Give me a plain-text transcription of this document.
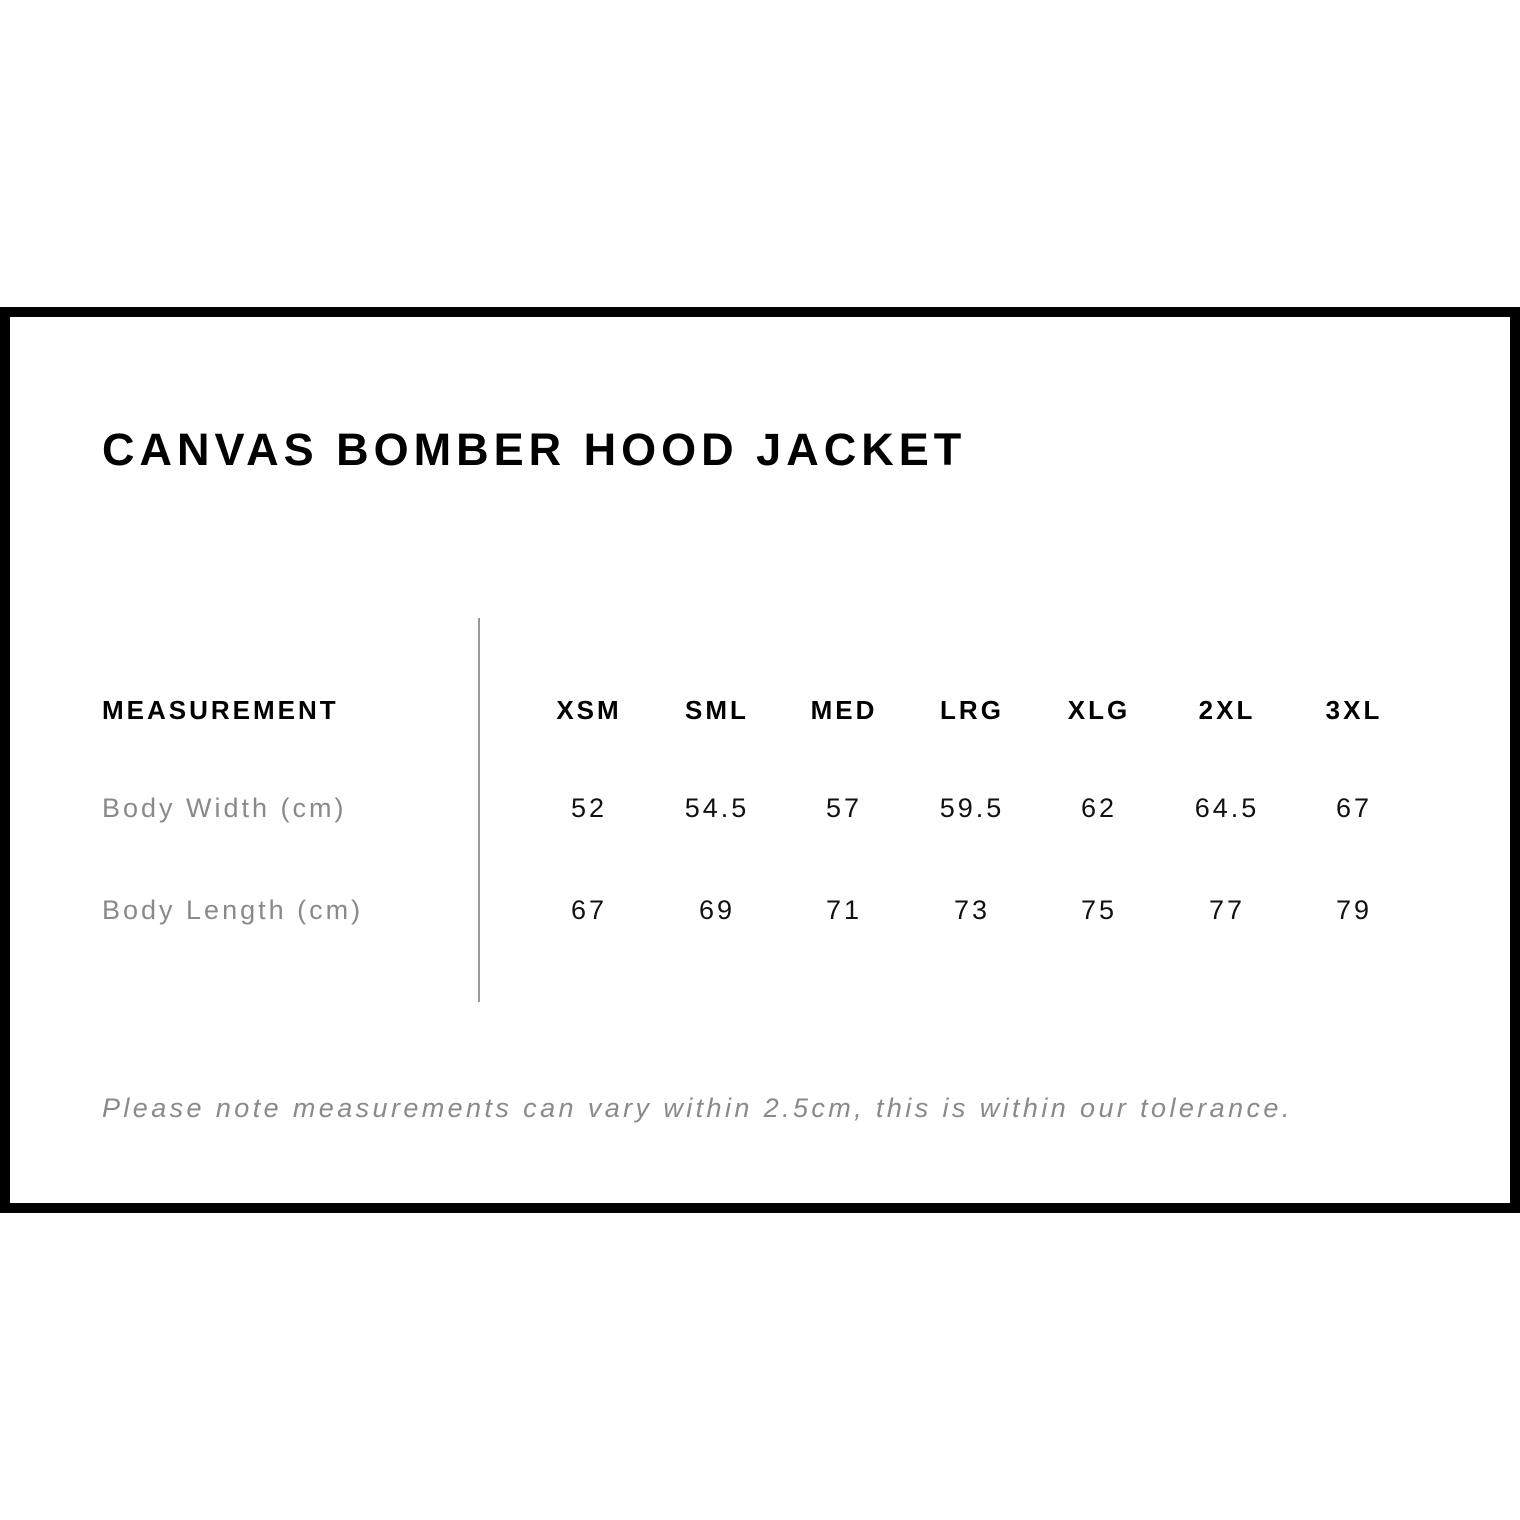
CANVAS BOMBER HOOD JACKET
MEASUREMENT	XSM	SML	MED	LRG	XLG	2XL	3XL
Body Width (cm)	52	54.5	57	59.5	62	64.5	67
Body Length (cm)	67	69	71	73	75	77	79

Please note measurements can vary within 2.5cm, this is within our tolerance.
